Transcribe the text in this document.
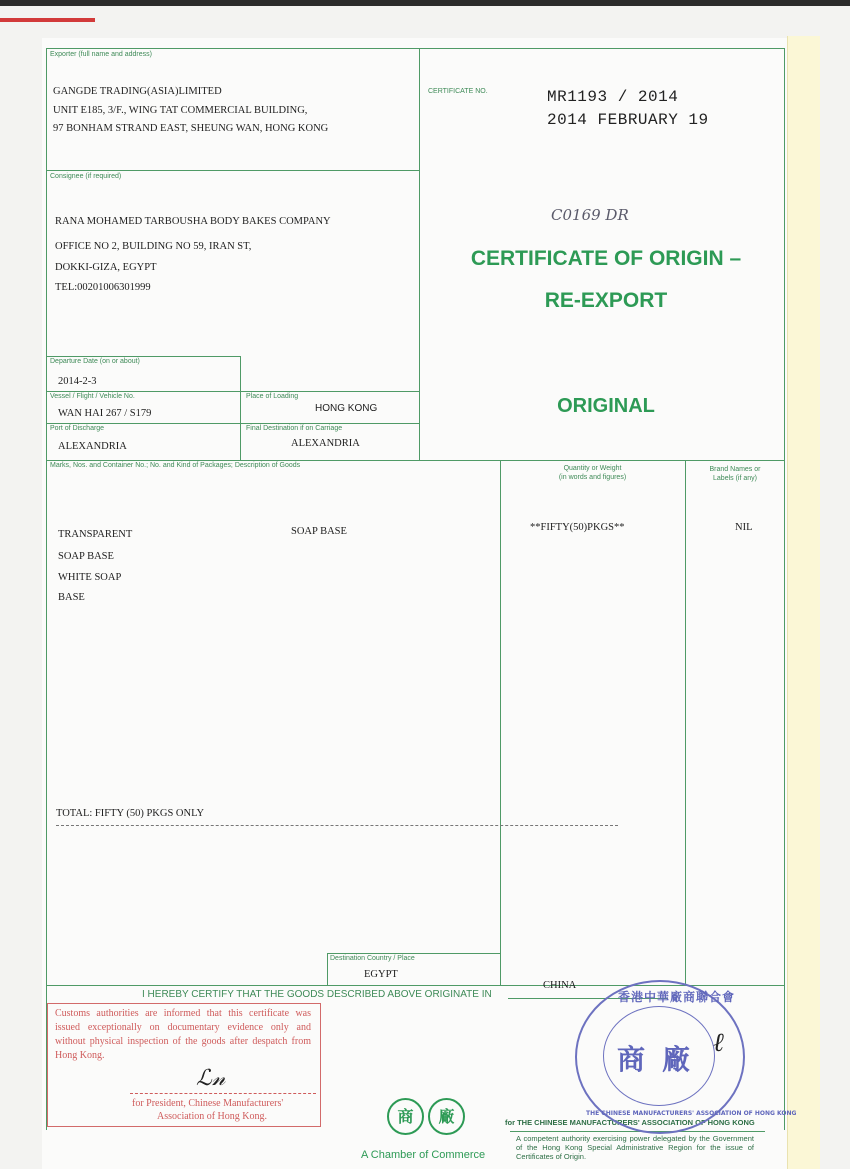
Exporter (full name and address)
GANGDE TRADING(ASIA)LIMITED
UNIT E185, 3/F., WING TAT COMMERCIAL BUILDING,
97 BONHAM STRAND EAST, SHEUNG WAN, HONG KONG
CERTIFICATE NO.	MR1193 / 2014
2014 FEBRUARY 19
C0169 DR
CERTIFICATE OF ORIGIN –
RE-EXPORT
ORIGINAL
Consignee (if required)
RANA MOHAMED TARBOUSHA BODY BAKES COMPANY
OFFICE NO 2, BUILDING NO 59, IRAN ST,
DOKKI-GIZA, EGYPT
TEL:00201006301999
Departure Date (on or about)
2014-2-3
Vessel / Flight / Vehicle No.
WAN HAI 267 / S179
Place of Loading
HONG KONG
Port of Discharge
ALEXANDRIA
Final Destination if on Carriage
ALEXANDRIA
Marks, Nos. and Container No.; No. and Kind of Packages; Description of Goods
TRANSPARENT
SOAP BASE
WHITE SOAP
BASE
SOAP BASE
TOTAL: FIFTY (50) PKGS ONLY
Quantity or Weight
(in words and figures)
**FIFTY(50)PKGS**
Brand Names or
Labels (if any)
NIL
Destination Country / Place
EGYPT
I HEREBY CERTIFY THAT THE GOODS DESCRIBED ABOVE ORIGINATE IN
CHINA
Customs authorities are informed that this certificate was issued exceptionally on documentary evidence only and without physical inspection of the goods after despatch from Hong Kong.
ℒ𝓃
for President, Chinese Manufacturers'
Association of Hong Kong.	商	廠
A Chamber of Commerce
for THE CHINESE MANUFACTURERS' ASSOCIATION OF HONG KONG
A competent authority exercising power delegated by the Government of the Hong Kong Special Administrative Region for the issue of Certificates of Origin.
香港中華廠商聯合會
THE CHINESE MANUFACTURERS' ASSOCIATION OF HONG KONG
商 廠 ℓ
